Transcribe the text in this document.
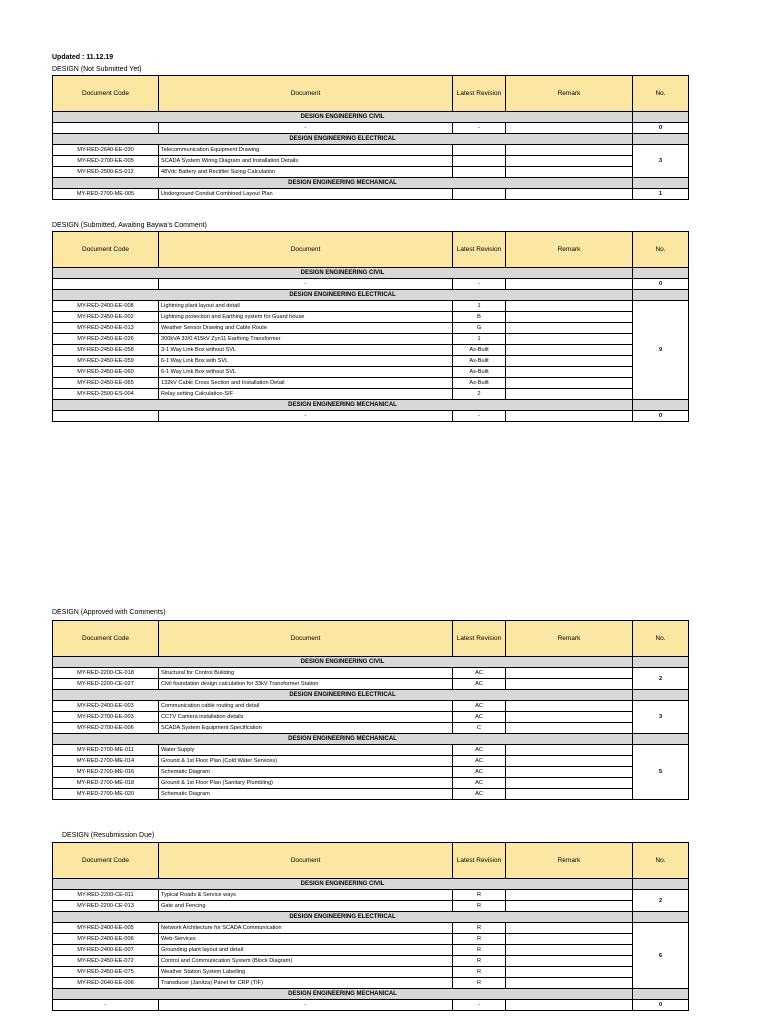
Updated : 11.12.19
DESIGN (Not Submitted Yet)
Document Code	Document	Latest Revision	Remark	No.
DESIGN ENGINEERING CIVIL				
	-	-		0
DESIGN ENGINEERING ELECTRICAL				
MY-RED-2640-EE-030	Telecommunication Equipment Drawing			3
MY-RED-2700-EE-005	SCADA System Wiring Diagram and Installation Details			
MY-RED-2500-ES-012	48Vdc Battery and Rectifier Sizing Calculation			
DESIGN ENGINEERING MECHANICAL				
MY-RED-2700-ME-005	Underground Conduit Combined Layout Plan			1
DESIGN (Submitted, Awaiting Baywa's Comment)
Document Code	Document	Latest Revision	Remark	No.
DESIGN ENGINEERING CIVIL				
	-	-		0
DESIGN ENGINEERING ELECTRICAL				
MY-RED-2400-EE-008	Lightning plant layout and detail	1		9
MY-RED-2450-EE-002	Lightning protection and Earthing system for Guard house	B		
MY-RED-2450-EE-013	Weather Sensor Drawing and Cable Route	G		
MY-RED-2450-EE-026	300kVA 33/0.415kV Zyn11 Earthing Transformer	1		
MY-RED-2450-EE-058	3-1 Way Link Box without SVL	As-Built		
MY-RED-2450-EE-059	6-1 Way Link Box with SVL	As-Built		
MY-RED-2450-EE-060	6-1 Way Link Box without SVL	As-Built		
MY-RED-2450-EE-065	132kV Cable Cross Section and Installation Detail	As-Built		
MY-RED-2500-ES-004	Relay setting Calculation-SIF	2		
DESIGN ENGINEERING MECHANICAL				
	-	-		0
DESIGN (Approved with Comments)
Document Code	Document	Latest Revision	Remark	No.
DESIGN ENGINEERING CIVIL				
MY-RED-2200-CE-018	Structural for Control Building	AC		2
MY-RED-2200-CE-027	Civil foundation design calculation for 33kV Transformer Station	AC		
DESIGN ENGINEERING ELECTRICAL				
MY-RED-2400-EE-003	Communication cable routing and detail	AC		3
MY-RED-2700-EE-003	CCTV Camera installation details	AC		
MY-RED-2700-EE-006	SCADA System Equipment Specification	C		
DESIGN ENGINEERING MECHANICAL				
MY-RED-2700-ME-011	Water Supply	AC		5
MY-RED-2700-ME-014	Ground & 1st Floor Plan (Cold Water Services)	AC		
MY-RED-2700-ME-016	Schematic Diagram	AC		
MY-RED-2700-ME-018	Ground & 1st Floor Plan (Sanitary Plumbling)	AC		
MY-RED-2700-ME-020	Schematic Diagram	AC		
DESIGN (Resubmission Due)
Document Code	Document	Latest Revision	Remark	No.
DESIGN ENGINEERING CIVIL				
MY-RED-2200-CE-011	Typical Roads & Service ways	R		2
MY-RED-2200-CE-013	Gate and Fencing	R		
DESIGN ENGINEERING ELECTRICAL				
MY-RED-2400-EE-005	Network Architecture for SCADA Communication	R		6
MY-RED-2400-EE-006	Web-Services	R		
MY-RED-2400-EE-007	Grounding plant layout and detail	R		
MY-RED-2450-EE-072	Control and Communication System (Block Diagram)	R		
MY-RED-2450-EE-075	Weather Station System Labelling	R		
MY-RED-2640-EE-006	Transducer (Janitza) Panel for CRP (TIF)	R		
DESIGN ENGINEERING MECHANICAL				
-	-	-		0
